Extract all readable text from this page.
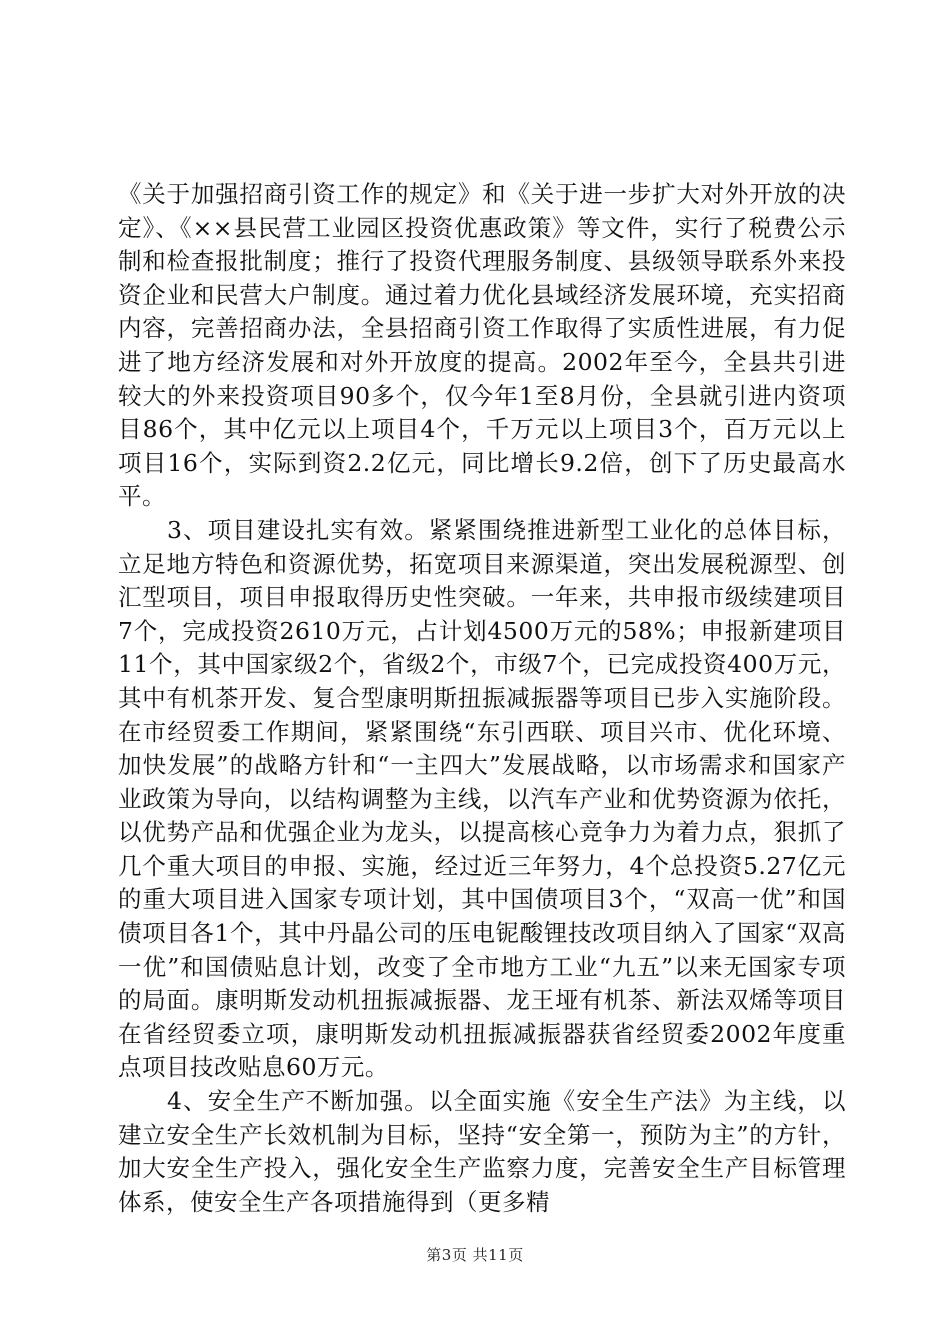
《关于加强招商引资工作的规定》和《关于进一步扩大对外开放的决定》、《××县民营工业园区投资优惠政策》等文件，实行了税费公示制和检查报批制度；推行了投资代理服务制度、县级领导联系外来投资企业和民营大户制度。通过着力优化县域经济发展环境，充实招商内容，完善招商办法，全县招商引资工作取得了实质性进展，有力促进了地方经济发展和对外开放度的提高。2002年至今，全县共引进较大的外来投资项目90多个，仅今年1至8月份，全县就引进内资项目86个，其中亿元以上项目4个，千万元以上项目3个，百万元以上项目16个，实际到资2.2亿元，同比增长9.2倍，创下了历史最高水平。

3、项目建设扎实有效。紧紧围绕推进新型工业化的总体目标，立足地方特色和资源优势，拓宽项目来源渠道，突出发展税源型、创汇型项目，项目申报取得历史性突破。一年来，共申报市级续建项目7个，完成投资2610万元，占计划4500万元的58%；申报新建项目11个，其中国家级2个，省级2个，市级7个，已完成投资400万元，其中有机茶开发、复合型康明斯扭振减振器等项目已步入实施阶段。在市经贸委工作期间，紧紧围绕“东引西联、项目兴市、优化环境、加快发展”的战略方针和“一主四大”发展战略，以市场需求和国家产业政策为导向，以结构调整为主线，以汽车产业和优势资源为依托，以优势产品和优强企业为龙头，以提高核心竞争力为着力点，狠抓了几个重大项目的申报、实施，经过近三年努力，4个总投资5.27亿元的重大项目进入国家专项计划，其中国债项目3个，“双高一优”和国债项目各1个，其中丹晶公司的压电铌酸锂技改项目纳入了国家“双高一优”和国债贴息计划，改变了全市地方工业“九五”以来无国家专项的局面。康明斯发动机扭振减振器、龙王垭有机茶、新法双烯等项目在省经贸委立项，康明斯发动机扭振减振器获省经贸委2002年度重点项目技改贴息60万元。

4、安全生产不断加强。以全面实施《安全生产法》为主线，以建立安全生产长效机制为目标，坚持“安全第一，预防为主”的方针，加大安全生产投入，强化安全生产监察力度，完善安全生产目标管理体系，使安全生产各项措施得到（更多精

第3页 共11页
